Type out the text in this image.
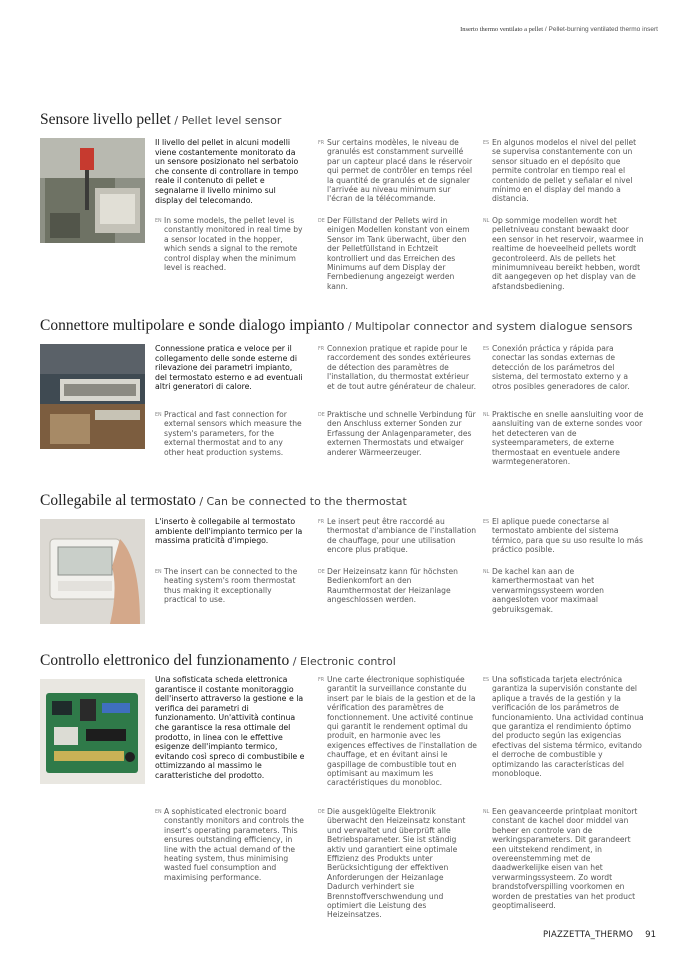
Inserto thermo ventilato a pellet / Pellet-burning ventilated thermo insert
Sensore livello pellet / Pellet level sensor
Il livello del pellet in alcuni modelli viene costantemente monitorato da un sensore posizionato nel serbatoio che consente di controllare in tempo reale il contenuto di pellet e segnalarne il livello minimo sul display del telecomando.
EN In some models, the pellet level is constantly monitored in real time by a sensor located in the hopper, which sends a signal to the remote control display when the minimum level is reached.
FR Sur certains modèles, le niveau de granulés est constamment surveillé par un capteur placé dans le réservoir qui permet de contrôler en temps réel la quantité de granulés et de signaler l'arrivée au niveau minimum sur l'écran de la télécommande.
DE Der Füllstand der Pellets wird in einigen Modellen konstant von einem Sensor im Tank überwacht, über den der Pelletfüllstand in Echtzeit kontrolliert und das Erreichen des Minimums auf dem Display der Fernbedienung angezeigt werden kann.
ES En algunos modelos el nivel del pellet se supervisa constantemente con un sensor situado en el depósito que permite controlar en tiempo real el contenido de pellet y señalar el nivel mínimo en el display del mando a distancia.
NL Op sommige modellen wordt het pelletniveau constant bewaakt door een sensor in het reservoir, waarmee in realtime de hoeveelheid pellets wordt gecontroleerd. Als de pellets het minimumniveau bereikt hebben, wordt dit aangegeven op het display van de afstandsbediening.
Connettore multipolare e sonde dialogo impianto / Multipolar connector and system dialogue sensors
Connessione pratica e veloce per il collegamento delle sonde esterne di rilevazione dei parametri impianto, del termostato esterno e ad eventuali altri generatori di calore.
EN Practical and fast connection for external sensors which measure the system's parameters, for the external thermostat and to any other heat production systems.
FR Connexion pratique et rapide pour le raccordement des sondes extérieures de détection des paramètres de l'installation, du thermostat extérieur et de tout autre générateur de chaleur.
DE Praktische und schnelle Verbindung für den Anschluss externer Sonden zur Erfassung der Anlagenparameter, des externen Thermostats und etwaiger anderer Wärmeerzeuger.
ES Conexión práctica y rápida para conectar las sondas externas de detección de los parámetros del sistema, del termostato externo y a otros posibles generadores de calor.
NL Praktische en snelle aansluiting voor de aansluiting van de externe sondes voor het detecteren van de systeemparameters, de externe thermostaat en eventuele andere warmtegeneratoren.
Collegabile al termostato / Can be connected to the thermostat
L'inserto è collegabile al termostato ambiente dell'impianto termico per la massima praticità d'impiego.
EN The insert can be connected to the heating system's room thermostat thus making it exceptionally practical to use.
FR Le insert peut être raccordé au thermostat d'ambiance de l'installation de chauffage, pour une utilisation encore plus pratique.
DE Der Heizeinsatz kann für höchsten Bedienkomfort an den Raumthermostat der Heizanlage angeschlossen werden.
ES El aplique puede conectarse al termostato ambiente del sistema térmico, para que su uso resulte lo más práctico posible.
NL De kachel kan aan de kamerthermostaat van het verwarmingssysteem worden aangesloten voor maximaal gebruiksgemak.
Controllo elettronico del funzionamento / Electronic control
Una sofisticata scheda elettronica garantisce il costante monitoraggio dell'inserto attraverso la gestione e la verifica dei parametri di funzionamento. Un'attività continua che garantisce la resa ottimale del prodotto, in linea con le effettive esigenze dell'impianto termico, evitando così spreco di combustibile e ottimizzando al massimo le caratteristiche del prodotto.
EN A sophisticated electronic board constantly monitors and controls the insert's operating parameters. This ensures outstanding efficiency, in line with the actual demand of the heating system, thus minimising wasted fuel consumption and maximising performance.
FR Une carte électronique sophistiquée garantit la surveillance constante du insert par le biais de la gestion et de la vérification des paramètres de fonctionnement. Une activité continue qui garantit le rendement optimal du produit, en harmonie avec les exigences effectives de l'installation de chauffage, et en évitant ainsi le gaspillage de combustible tout en optimisant au maximum les caractéristiques du monobloc.
DE Die ausgeklügelte Elektronik überwacht den Heizeinsatz konstant und verwaltet und überprüft alle Betriebsparameter. Sie ist ständig aktiv und garantiert eine optimale Effizienz des Produkts unter Berücksichtigung der effektiven Anforderungen der Heizanlage Dadurch verhindert sie Brennstoffverschwendung und optimiert die Leistung des Heizeinsatzes.
ES Una sofisticada tarjeta electrónica garantiza la supervisión constante del aplique a través de la gestión y la verificación de los parámetros de funcionamiento. Una actividad continua que garantiza el rendimiento óptimo del producto según las exigencias efectivas del sistema térmico, evitando el derroche de combustible y optimizando las características del monobloque.
NL Een geavanceerde printplaat monitort constant de kachel door middel van beheer en controle van de werkingsparameters. Dit garandeert een uitstekend rendiment, in overeenstemming met de daadwerkelijke eisen van het verwarmingssysteem. Zo wordt brandstofverspilling voorkomen en worden de prestaties van het product geoptimaliseerd.
PIAZZETTA_THERMO 91
